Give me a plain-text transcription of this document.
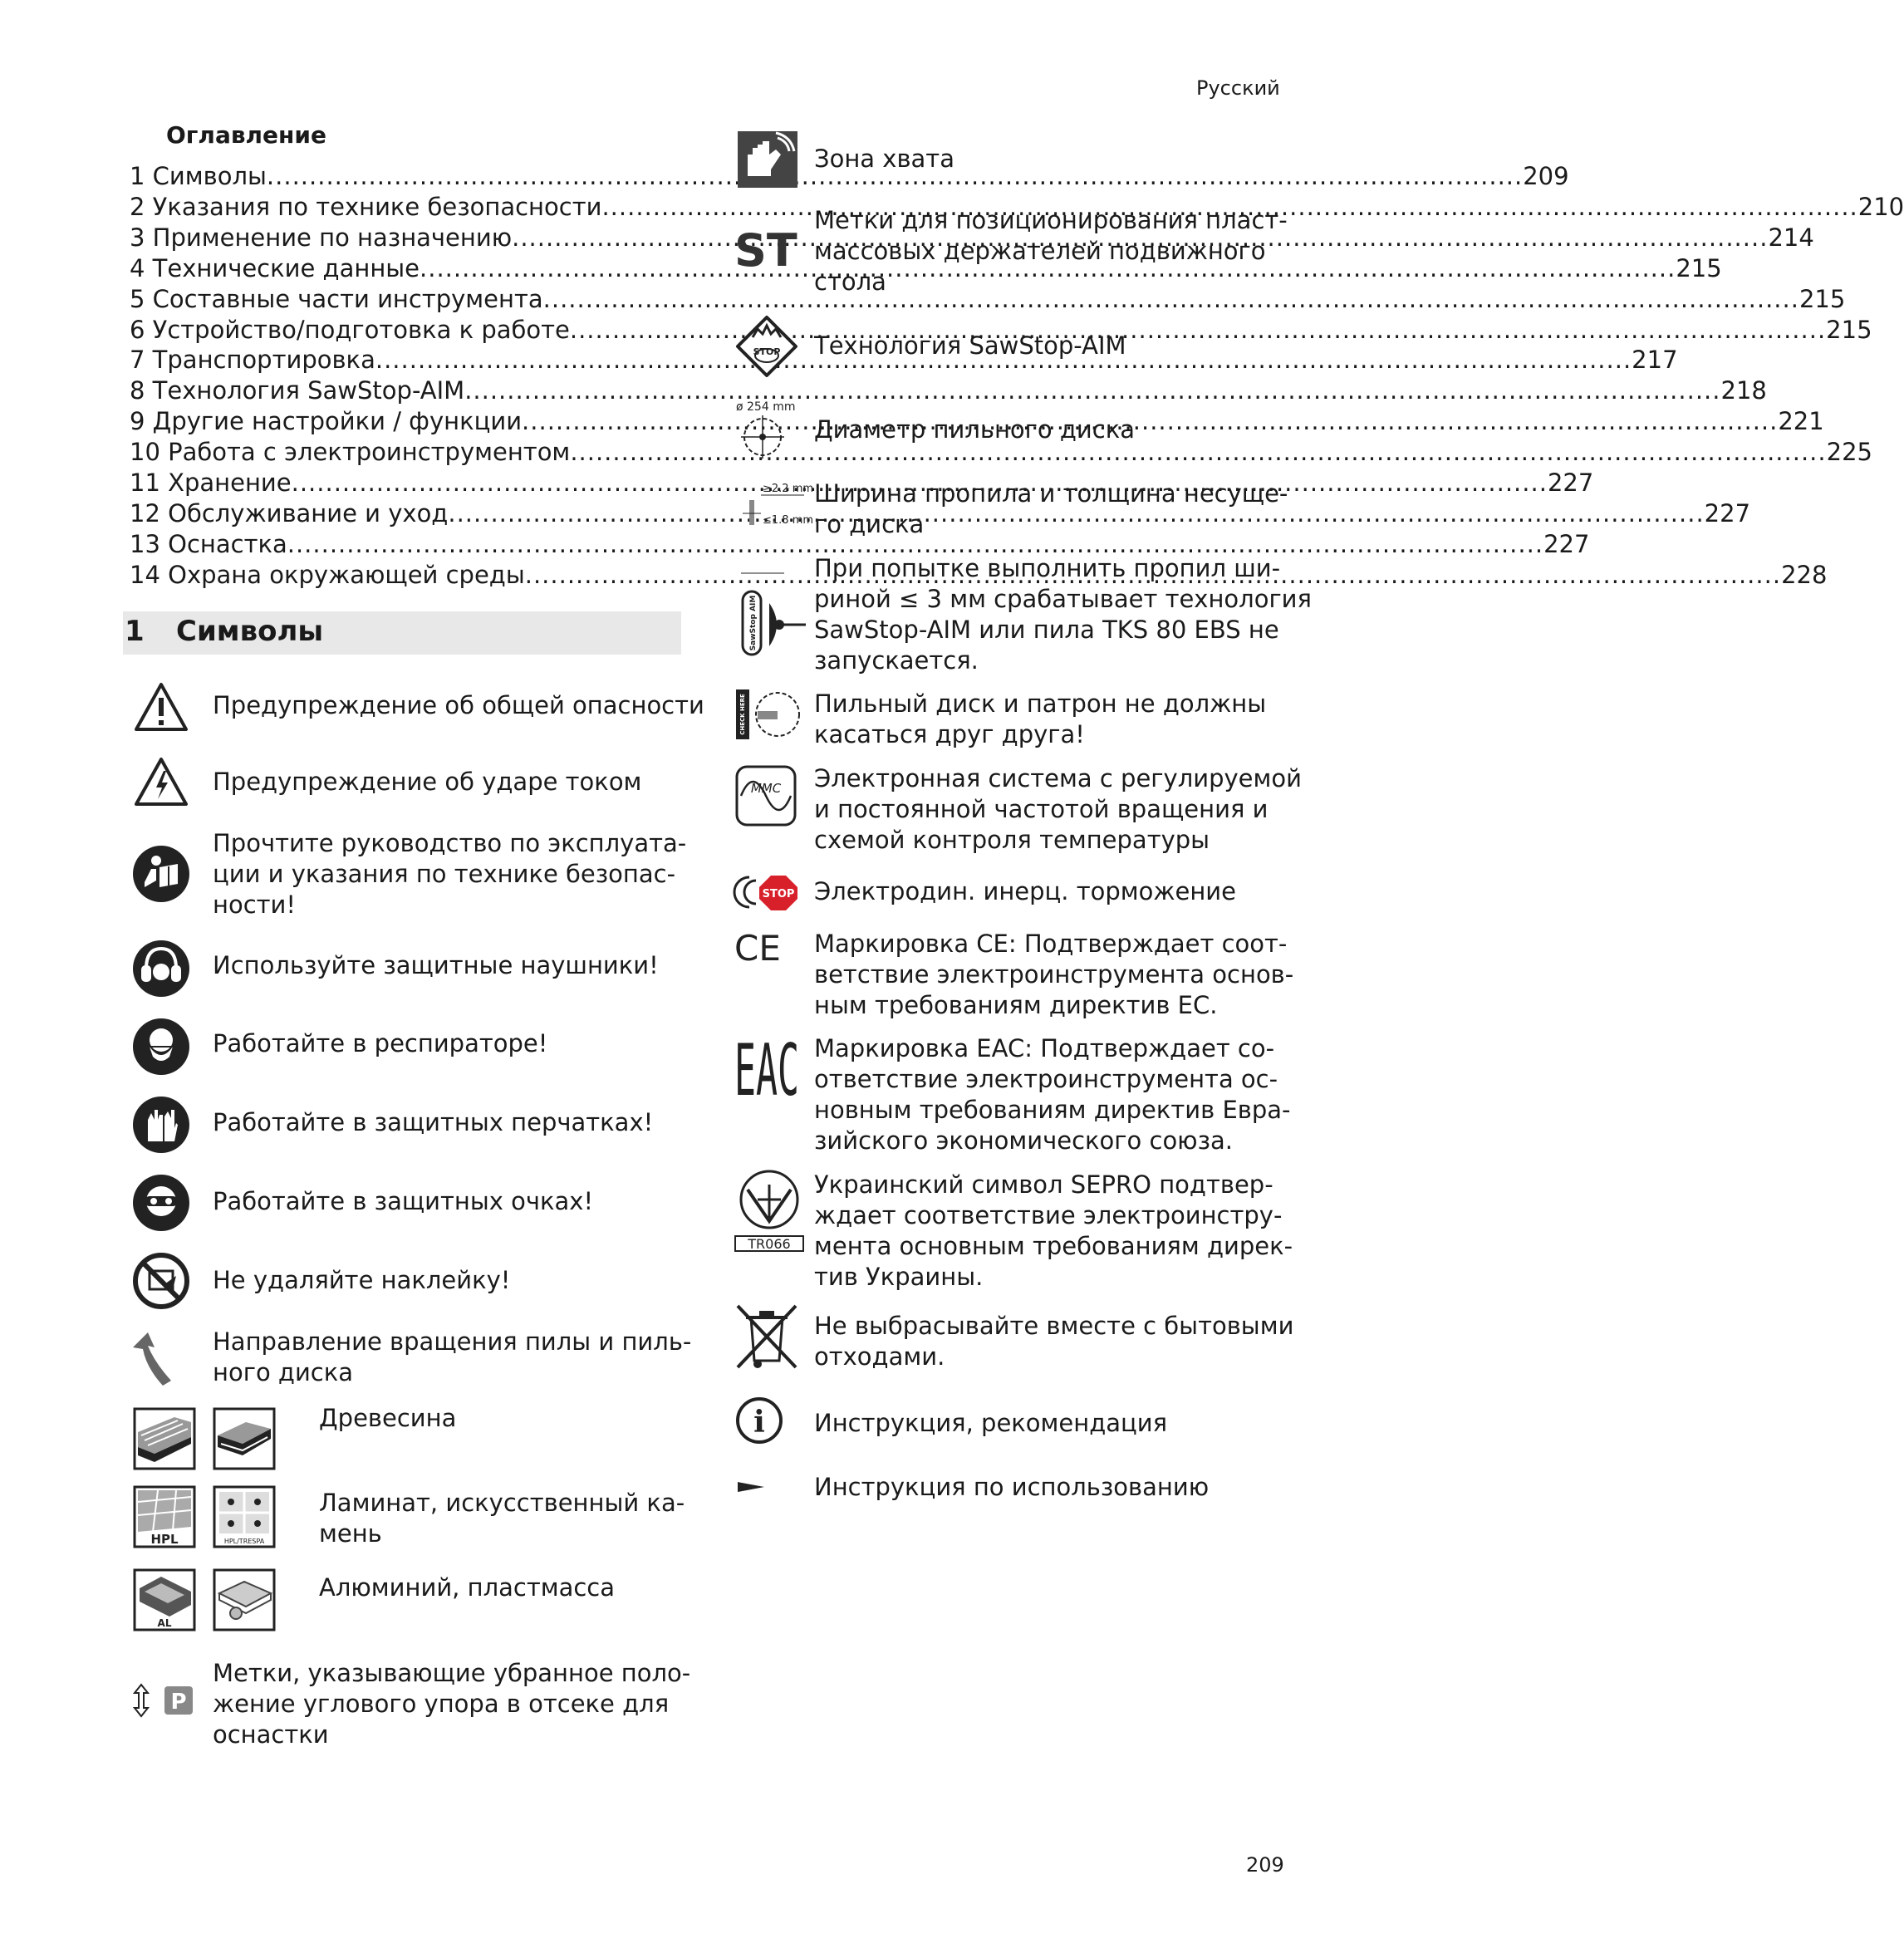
Русский
Оглавление
1 Символы .....	209
2 Указания по технике безопасности .....	210
3 Применение по назначению .....	214
4 Технические данные .....	215
5 Составные части инструмента .....	215
6 Устройство/подготовка к работе .....	215
7 Транспортировка .....	217
8 Технология SawStop-AIM .....	218
9 Другие настройки / функции .....	221
10 Работа с электроинструментом .....	225
11 Хранение .....	227
12 Обслуживание и уход .....	227
13 Оснастка .....	227
14 Охрана окружающей среды .....	228
1 Символы
HPL	HPL/TRESPA
AL
P
Предупреждение об общей опасности
Предупреждение об ударе током
Прочтите руководство по эксплуата-
ции и указания по технике безопас-
ности!
Используйте защитные наушники!
Работайте в респираторе!
Работайте в защитных перчатках!
Работайте в защитных очках!
Не удаляйте наклейку!
Направление вращения пилы и пиль-
ного диска
Древесина
Ламинат, искусственный ка-
мень
Алюминий, пластмасса
Метки, указывающие убранное поло-
жение углового упора в отсеке для
оснастки
ST
STOP
ø 254 mm
≥2.2 mm
≤1.8 mm
SawStop AIM
CHECK HERE
MMC
STOP
CE
EAC
TR066
i
Зона хвата
Метки для позиционирования пласт-
массовых держателей подвижного
стола
Технология SawStop-AIM
Диаметр пильного диска
Ширина пропила и толщина несуще-
го диска
При попытке выполнить пропил ши-
риной ≤ 3 мм срабатывает технология
SawStop-AIM или пила TKS 80 EBS не
запускается.
Пильный диск и патрон не должны
касаться друг друга!
Электронная система с регулируемой
и постоянной частотой вращения и
схемой контроля температуры
Электродин. инерц. торможение
Маркировка CE: Подтверждает соот-
ветствие электроинструмента основ-
ным требованиям директив ЕС.
Маркировка EAC: Подтверждает со-
ответствие электроинструмента ос-
новным требованиям директив Евра-
зийского экономического союза.
Украинский символ SEPRO подтвер-
ждает соответствие электроинстру-
мента основным требованиям дирек-
тив Украины.
Не выбрасывайте вместе с бытовыми
отходами.
Инструкция, рекомендация
Инструкция по использованию
209
